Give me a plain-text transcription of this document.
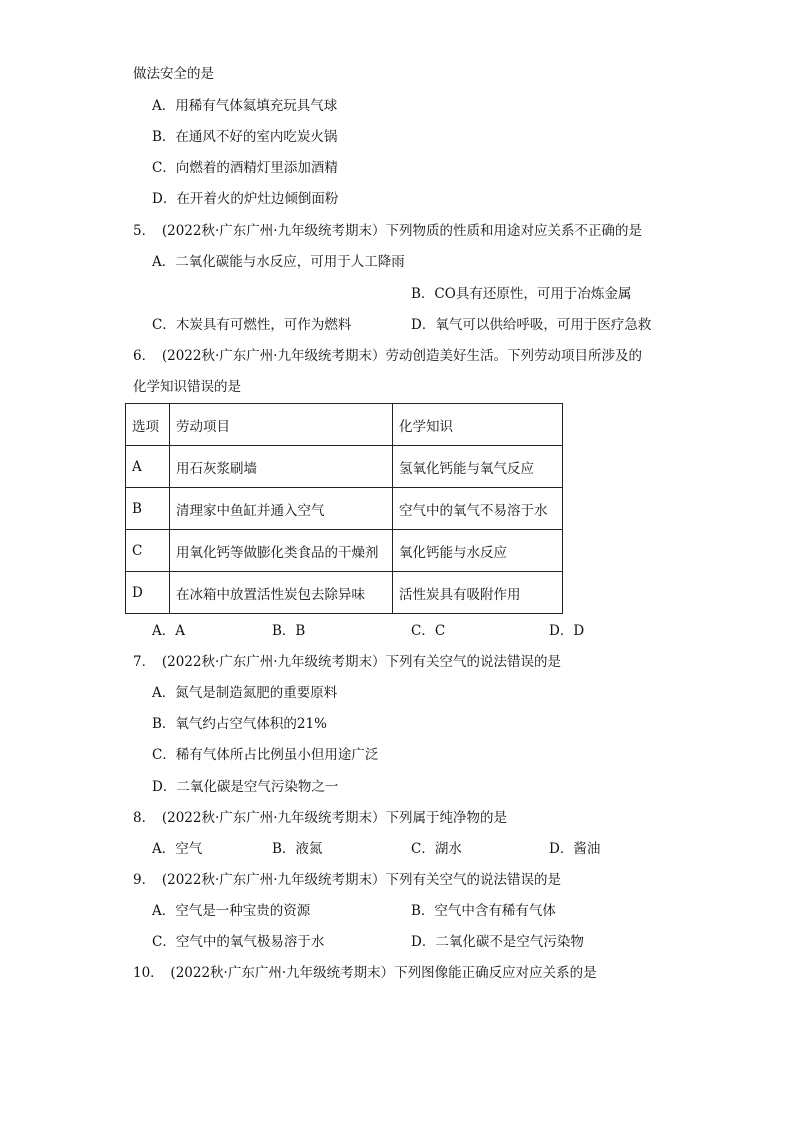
做法安全的是
A．用稀有气体氦填充玩具气球
B．在通风不好的室内吃炭火锅
C．向燃着的酒精灯里添加酒精
D．在开着火的炉灶边倾倒面粉
5．　(2022秋·广东广州·九年级统考期末）下列物质的性质和用途对应关系不正确的是
A．二氧化碳能与水反应，可用于人工降雨
B．CO具有还原性，可用于冶炼金属
C．木炭具有可燃性，可作为燃料	D．氧气可以供给呼吸，可用于医疗急救
6．　(2022秋·广东广州·九年级统考期末）劳动创造美好生活。下列劳动项目所涉及的
化学知识错误的是
选项	劳动项目	化学知识
A	用石灰浆刷墙	氢氧化钙能与氧气反应
B	清理家中鱼缸并通入空气	空气中的氧气不易溶于水
C	用氧化钙等做膨化类食品的干燥剂	氧化钙能与水反应
D	在冰箱中放置活性炭包去除异味	活性炭具有吸附作用
A．A	B．B	C．C	D．D
7．　(2022秋·广东广州·九年级统考期末）下列有关空气的说法错误的是
A．氮气是制造氮肥的重要原料
B．氧气约占空气体积的21%
C．稀有气体所占比例虽小但用途广泛
D．二氧化碳是空气污染物之一
8．　(2022秋·广东广州·九年级统考期末）下列属于纯净物的是
A．空气	B．液氮	C．湖水	D．酱油
9．　(2022秋·广东广州·九年级统考期末）下列有关空气的说法错误的是
A．空气是一种宝贵的资源	B．空气中含有稀有气体
C．空气中的氧气极易溶于水	D．二氧化碳不是空气污染物
10．　(2022秋·广东广州·九年级统考期末）下列图像能正确反应对应关系的是
